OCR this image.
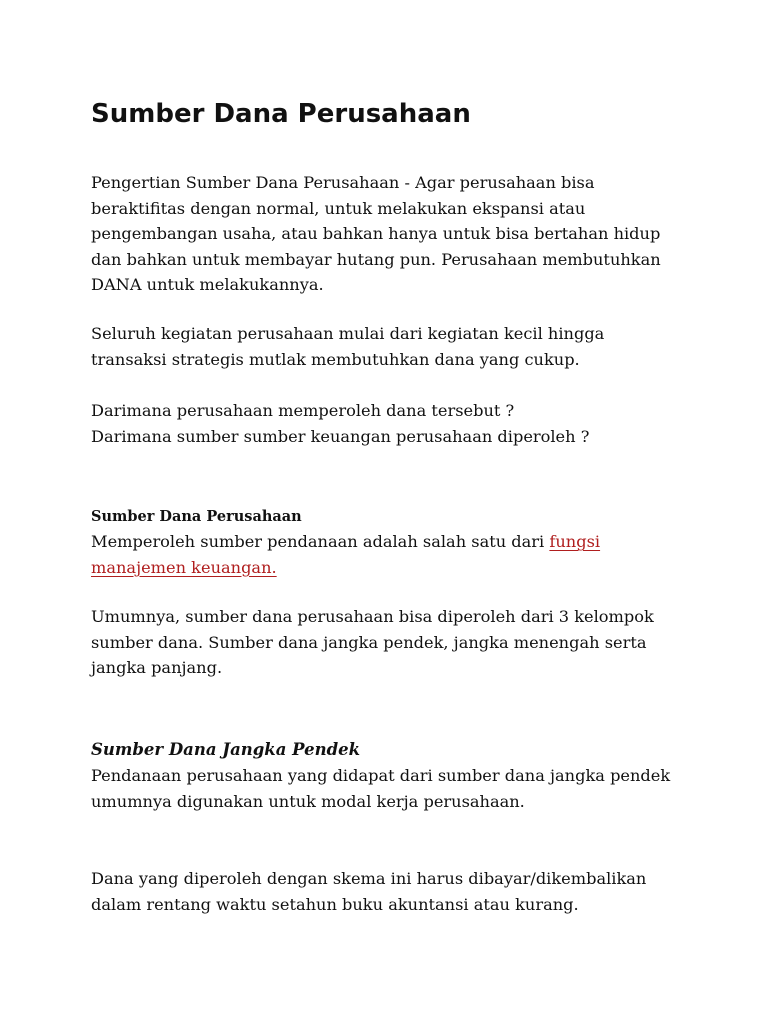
Sumber Dana Perusahaan

Pengertian Sumber Dana Perusahaan - Agar perusahaan bisa
beraktifitas dengan normal, untuk melakukan ekspansi atau
pengembangan usaha, atau bahkan hanya untuk bisa bertahan hidup
dan bahkan untuk membayar hutang pun. Perusahaan membutuhkan
DANA untuk melakukannya.

Seluruh kegiatan perusahaan mulai dari kegiatan kecil hingga
transaksi strategis mutlak membutuhkan dana yang cukup.

Darimana perusahaan memperoleh dana tersebut ?
Darimana sumber sumber keuangan perusahaan diperoleh ?

Sumber Dana Perusahaan

Memperoleh sumber pendanaan adalah salah satu dari fungsi
manajemen keuangan.

Umumnya, sumber dana perusahaan bisa diperoleh dari 3 kelompok
sumber dana. Sumber dana jangka pendek, jangka menengah serta
jangka panjang.

Sumber Dana Jangka Pendek

Pendanaan perusahaan yang didapat dari sumber dana jangka pendek
umumnya digunakan untuk modal kerja perusahaan.

Dana yang diperoleh dengan skema ini harus dibayar/dikembalikan
dalam rentang waktu setahun buku akuntansi atau kurang.
